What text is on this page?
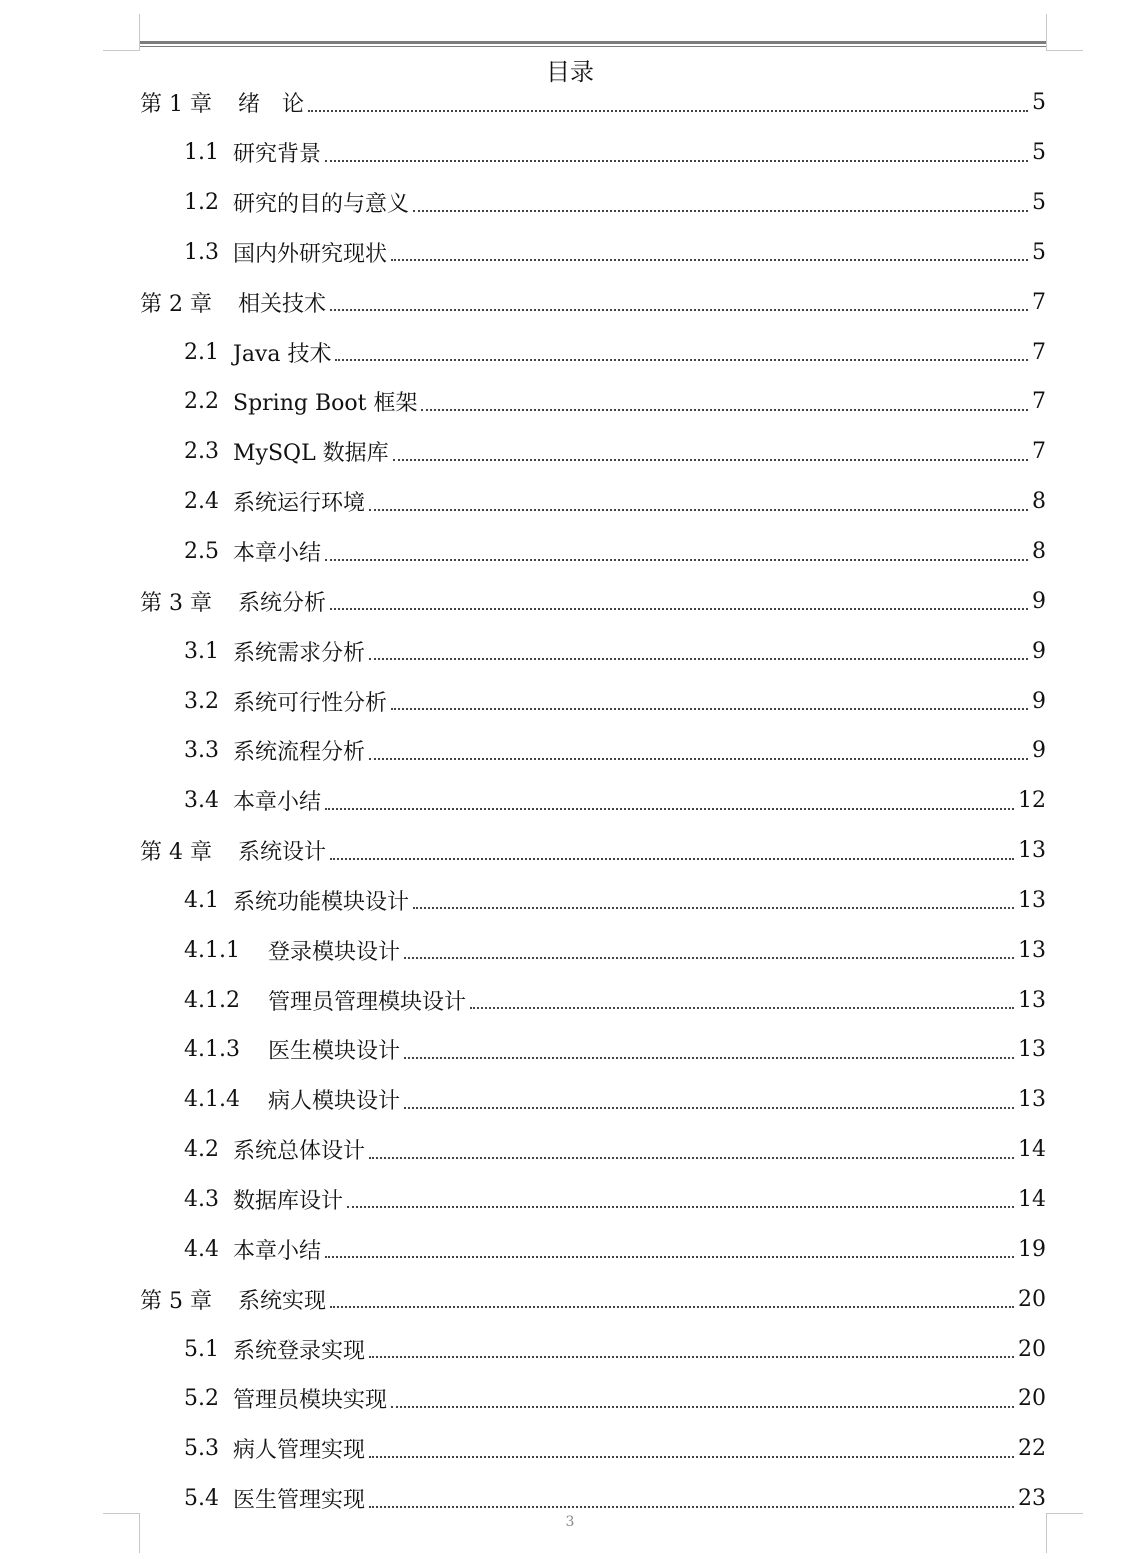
目录
第 1 章 绪　论	5
1.1 研究背景	5
1.2 研究的目的与意义	5
1.3 国内外研究现状	5
第 2 章 相关技术	7
2.1 Java 技术	7
2.2 Spring Boot 框架	7
2.3 MySQL 数据库	7
2.4 系统运行环境	8
2.5 本章小结	8
第 3 章 系统分析	9
3.1 系统需求分析	9
3.2 系统可行性分析	9
3.3 系统流程分析	9
3.4 本章小结	12
第 4 章 系统设计	13
4.1 系统功能模块设计	13
4.1.1 登录模块设计	13
4.1.2 管理员管理模块设计	13
4.1.3 医生模块设计	13
4.1.4 病人模块设计	13
4.2 系统总体设计	14
4.3 数据库设计	14
4.4 本章小结	19
第 5 章 系统实现	20
5.1 系统登录实现	20
5.2 管理员模块实现	20
5.3 病人管理实现	22
5.4 医生管理实现	23
3
